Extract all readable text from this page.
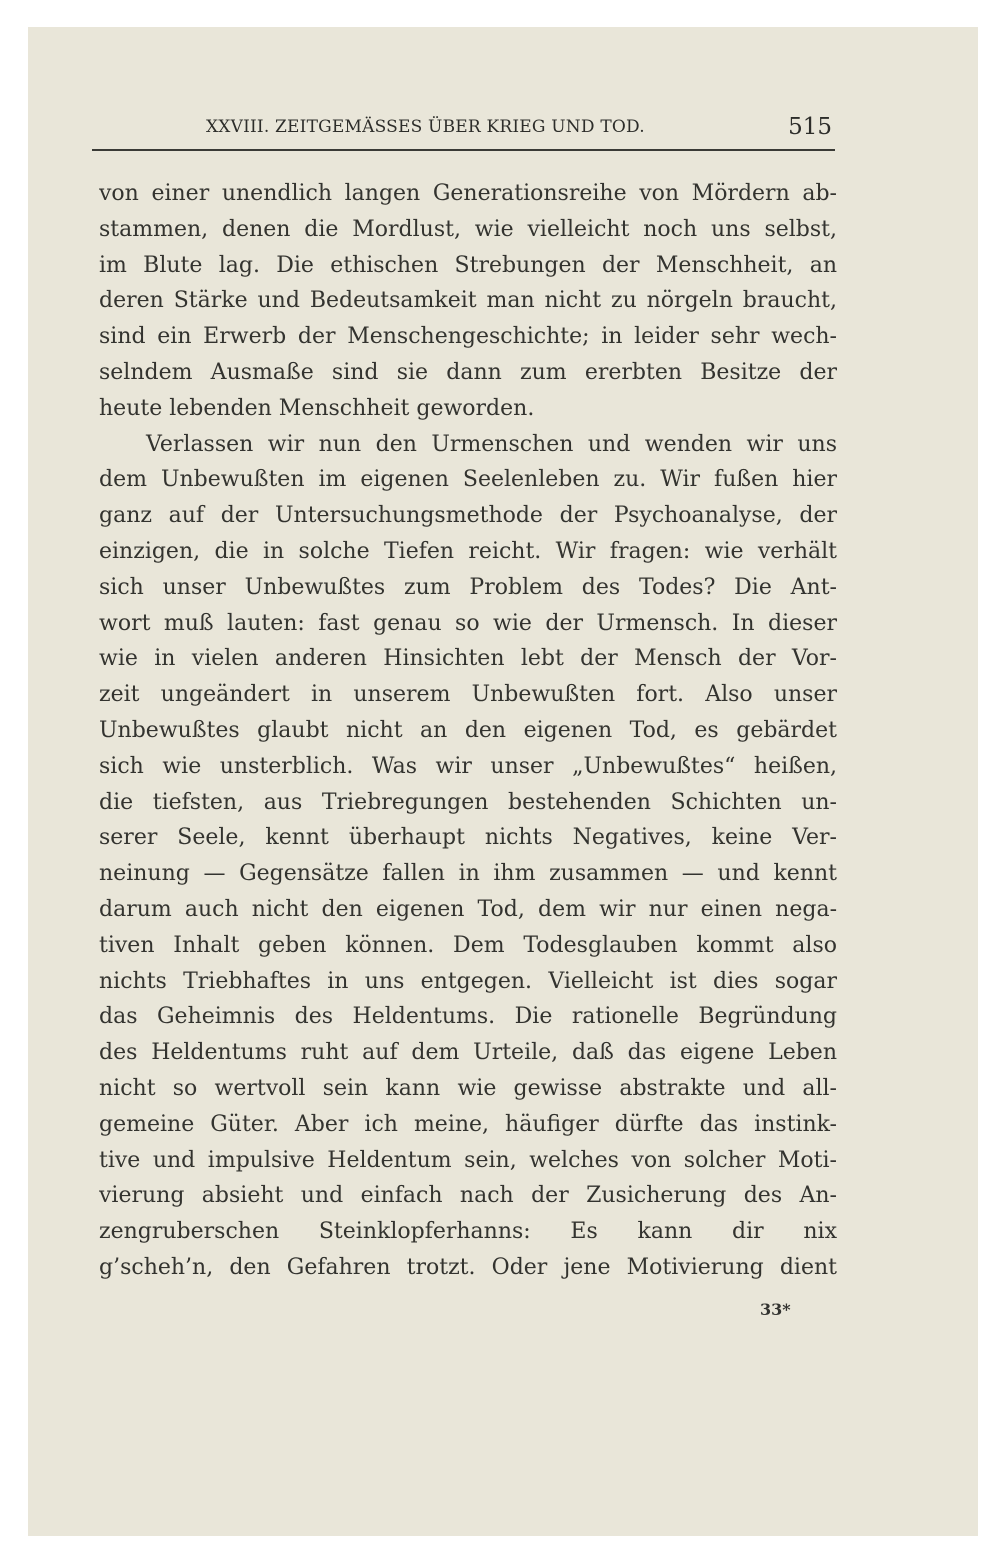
XXVIII. ZEITGEMÄSSES ÜBER KRIEG UND TOD.	515
von einer unendlich langen Generationsreihe von Mördern ab-
stammen, denen die Mordlust, wie vielleicht noch uns selbst,
im Blute lag. Die ethischen Strebungen der Menschheit, an
deren Stärke und Bedeutsamkeit man nicht zu nörgeln braucht,
sind ein Erwerb der Menschengeschichte; in leider sehr wech-
selndem Ausmaße sind sie dann zum ererbten Besitze der
heute lebenden Menschheit geworden.
Verlassen wir nun den Urmenschen und wenden wir uns
dem Unbewußten im eigenen Seelenleben zu. Wir fußen hier
ganz auf der Untersuchungsmethode der Psychoanalyse, der
einzigen, die in solche Tiefen reicht. Wir fragen: wie verhält
sich unser Unbewußtes zum Problem des Todes? Die Ant-
wort muß lauten: fast genau so wie der Urmensch. In dieser
wie in vielen anderen Hinsichten lebt der Mensch der Vor-
zeit ungeändert in unserem Unbewußten fort. Also unser
Unbewußtes glaubt nicht an den eigenen Tod, es gebärdet
sich wie unsterblich. Was wir unser „Unbewußtes“ heißen,
die tiefsten, aus Triebregungen bestehenden Schichten un-
serer Seele, kennt überhaupt nichts Negatives, keine Ver-
neinung — Gegensätze fallen in ihm zusammen — und kennt
darum auch nicht den eigenen Tod, dem wir nur einen nega-
tiven Inhalt geben können. Dem Todesglauben kommt also
nichts Triebhaftes in uns entgegen. Vielleicht ist dies sogar
das Geheimnis des Heldentums. Die rationelle Begründung
des Heldentums ruht auf dem Urteile, daß das eigene Leben
nicht so wertvoll sein kann wie gewisse abstrakte und all-
gemeine Güter. Aber ich meine, häufiger dürfte das instink-
tive und impulsive Heldentum sein, welches von solcher Moti-
vierung absieht und einfach nach der Zusicherung des An-
zengruberschen Steinklopferhanns: Es kann dir nix
g’scheh’n, den Gefahren trotzt. Oder jene Motivierung dient
33*
